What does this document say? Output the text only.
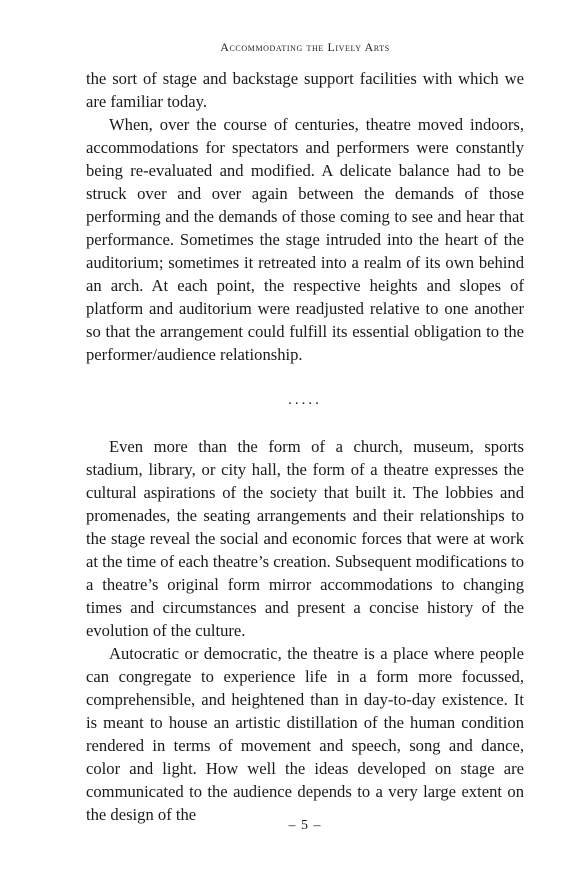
Accommodating the Lively Arts

the sort of stage and backstage support facilities with which we are familiar today.

When, over the course of centuries, theatre moved indoors, accommodations for spectators and performers were constantly being re-evaluated and modified. A delicate balance had to be struck over and over again between the demands of those performing and the demands of those coming to see and hear that performance. Sometimes the stage intruded into the heart of the auditorium; sometimes it retreated into a realm of its own behind an arch. At each point, the respective heights and slopes of platform and auditorium were readjusted relative to one another so that the arrangement could fulfill its essential obligation to the performer/audience relationship.

.....

Even more than the form of a church, museum, sports stadium, library, or city hall, the form of a theatre expresses the cultural aspirations of the society that built it. The lobbies and promenades, the seating arrangements and their relationships to the stage reveal the social and economic forces that were at work at the time of each theatre’s creation. Subsequent modifications to a theatre’s original form mirror accommodations to changing times and circumstances and present a concise history of the evolution of the culture.

Autocratic or democratic, the theatre is a place where people can congregate to experience life in a form more focussed, comprehensible, and heightened than in day-to-day existence. It is meant to house an artistic distillation of the human condition rendered in terms of movement and speech, song and dance, color and light. How well the ideas developed on stage are communicated to the audience depends to a very large extent on the design of the

– 5 –
